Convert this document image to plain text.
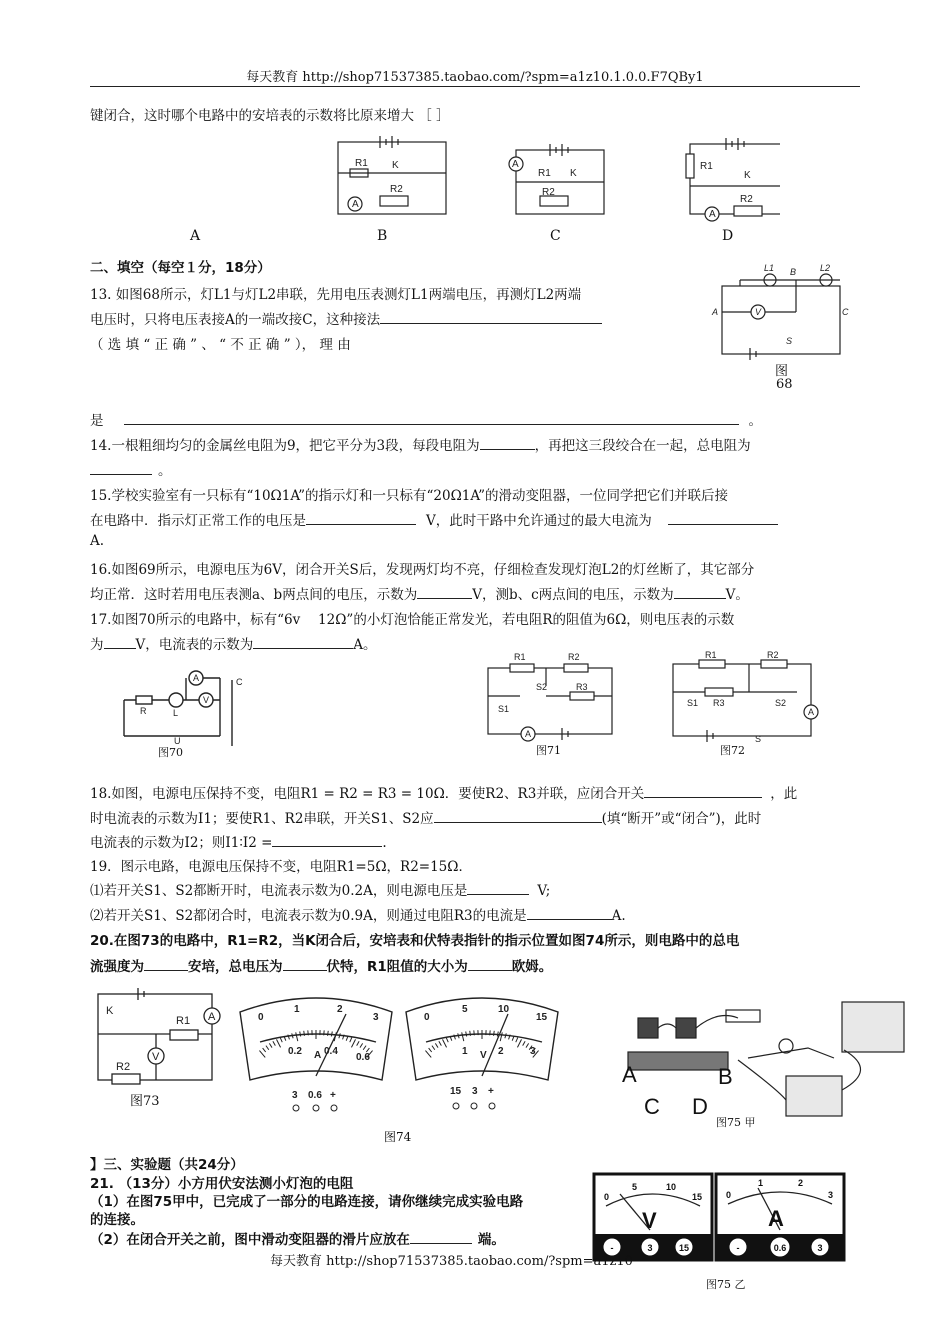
每天教育 http://shop71537385.taobao.com/?spm=a1z10.1.0.0.F7QBy1
键闭合，这时哪个电路中的安培表的示数将比原来增大 ［ ］
R1 K
R2
A
A
R1 K
R2
R1
K
R2
A
A	B	C	D
二、填空（每空１分，18分）
13. 如图68所示，灯L1与灯L2串联，先用电压表测灯L1两端电压，再测灯L2两端
电压时，只将电压表接A的一端改接C，这种接法
（ 选 填 “ 正 确 ” 、 “ 不 正 确 ” ）， 理 由
是	。
L1 B	L2
A	V	C
S
图
68
14.一根粗细均匀的金属丝电阻为9，把它平分为3段，每段电阻为	，再把这三段绞合在一起，总电阻为
。
15.学校实验室有一只标有“10Ω1A”的指示灯和一只标有“20Ω1A”的滑动变阻器，一位同学把它们并联后接
在电路中．指示灯正常工作的电压是	V，此时干路中允许通过的最大电流为
A.
16.如图69所示，电源电压为6V，闭合开关S后，发现两灯均不亮，仔细检查发现灯泡L2的灯丝断了，其它部分
均正常．这时若用电压表测a、b两点间的电压，示数为	V，测b、c两点间的电压，示数为	V。
17.如图70所示的电路中，标有“6v　 12Ω”的小灯泡恰能正常发光，若电阻R的阻值为6Ω，则电压表的示数
为 V，电流表的示数为	A。
R	L
A
V
C
U
图70
R1	R2
S2	R3
S1
A
图71
R1	R2
S1 R3	S2
A
S
图72
18.如图，电源电压保持不变，电阻R1 = R2 = R3 = 10Ω．要使R2、R3并联，应闭合开关	，此
时电流表的示数为I1；要使R1、R2串联，开关S1、S2应	(填“断开”或“闭合”)，此时
电流表的示数为I2；则I1∶I2 =	.
19．图示电路，电源电压保持不变，电阻R1=5Ω，R2=15Ω．
⑴若开关S1、S2都断开时，电流表示数为0.2A，则电源电压是	V;
⑵若开关S1、S2都闭合时，电流表示数为0.9A，则通过电阻R3的电流是	A.
20.在图73的电路中，R1=R2，当K闭合后，安培表和伏特表指针的指示位置如图74所示，则电路中的总电
流强度为	安培，总电压为	伏特，R1阻值的大小为	欧姆。
K
R1 A
V
R2
图73
0
1	2
3
0.2 A 0.4
0.6
0
5	10
15
1 V 2	3
3 0.6 +	15 3 +
图74
A	B
C D
图75 甲
】三、实验题（共24分）
21. （13分）小方用伏安法测小灯泡的电阻
（1）在图75甲中，已完成了一部分的电路连接，请你继续完成实验电路
的连接。
（2）在闭合开关之前，图中滑动变阻器的滑片应放在	端。
0
5	10
15	0
1	2
3
V	A
-	3	15	-	0.6	3
图75 乙
每天教育 http://shop71537385.taobao.com/?spm=a1z10
